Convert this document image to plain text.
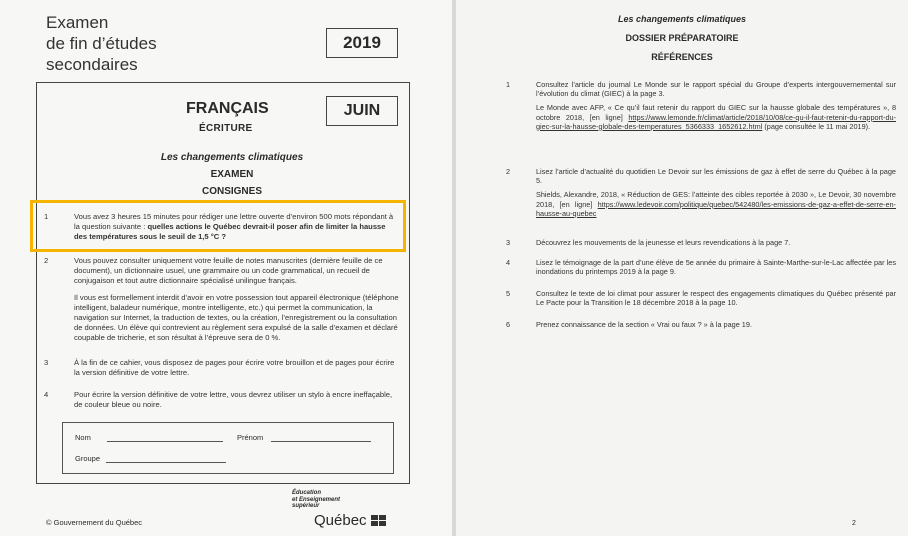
Examen
de fin d’études
secondaires
2019
FRANÇAIS
ÉCRITURE
JUIN
Les changements climatiques
EXAMEN
CONSIGNES
1	Vous avez 3 heures 15 minutes pour rédiger une lettre ouverte d’environ 500 mots répondant à la question suivante : quelles actions le Québec devrait-il poser afin de limiter la hausse des températures sous le seuil de 1,5 °C ?

2	Vous pouvez consulter uniquement votre feuille de notes manuscrites (dernière feuille de ce document), un dictionnaire usuel, une grammaire ou un code grammatical, un recueil de conjugaison et tout autre dictionnaire spécialisé unilingue français.

Il vous est formellement interdit d’avoir en votre possession tout appareil électronique (téléphone intelligent, baladeur numérique, montre intelligente, etc.) qui permet la communication, la navigation sur Internet, la traduction de textes, ou la création, l’enregistrement ou la consultation de données. Un élève qui contrevient au règlement sera expulsé de la salle d’examen et déclaré coupable de tricherie, et son résultat à l’épreuve sera de 0 %.

3	À la fin de ce cahier, vous disposez de pages pour écrire votre brouillon et de pages pour écrire la version définitive de votre lettre.

4	Pour écrire la version définitive de votre lettre, vous devrez utiliser un stylo à encre ineffaçable, de couleur bleue ou noire.

Nom	Prénom
Groupe
© Gouvernement du Québec
Éducation
et Enseignement
supérieur
Québec
Les changements climatiques
DOSSIER PRÉPARATOIRE
RÉFÉRENCES
1	Consultez l’article du journal Le Monde sur le rapport spécial du Groupe d’experts intergouvernemental sur l’évolution du climat (GIEC) à la page 3.

Le Monde avec AFP, « Ce qu’il faut retenir du rapport du GIEC sur la hausse globale des températures », 8 octobre 2018, [en ligne] https://www.lemonde.fr/climat/article/2018/10/08/ce-qu-il-faut-retenir-du-rapport-du-giec-sur-la-hausse-globale-des-temperatures_5366333_1652612.html (page consultée le 11 mai 2019).

2	Lisez l’article d’actualité du quotidien Le Devoir sur les émissions de gaz à effet de serre du Québec à la page 5.

Shields, Alexandre, 2018, « Réduction de GES: l’atteinte des cibles reportée à 2030 », Le Devoir, 30 novembre 2018, [en ligne] https://www.ledevoir.com/politique/quebec/542480/les-emissions-de-gaz-a-effet-de-serre-en-hausse-au-quebec

3	Découvrez les mouvements de la jeunesse et leurs revendications à la page 7.

4	Lisez le témoignage de la part d’une élève de 5e année du primaire à Sainte-Marthe-sur-le-Lac affectée par les inondations du printemps 2019 à la page 9.

5	Consultez le texte de loi climat pour assurer le respect des engagements climatiques du Québec présenté par Le Pacte pour la Transition le 18 décembre 2018 à la page 10.

6	Prenez connaissance de la section « Vrai ou faux ? » à la page 19.

2
